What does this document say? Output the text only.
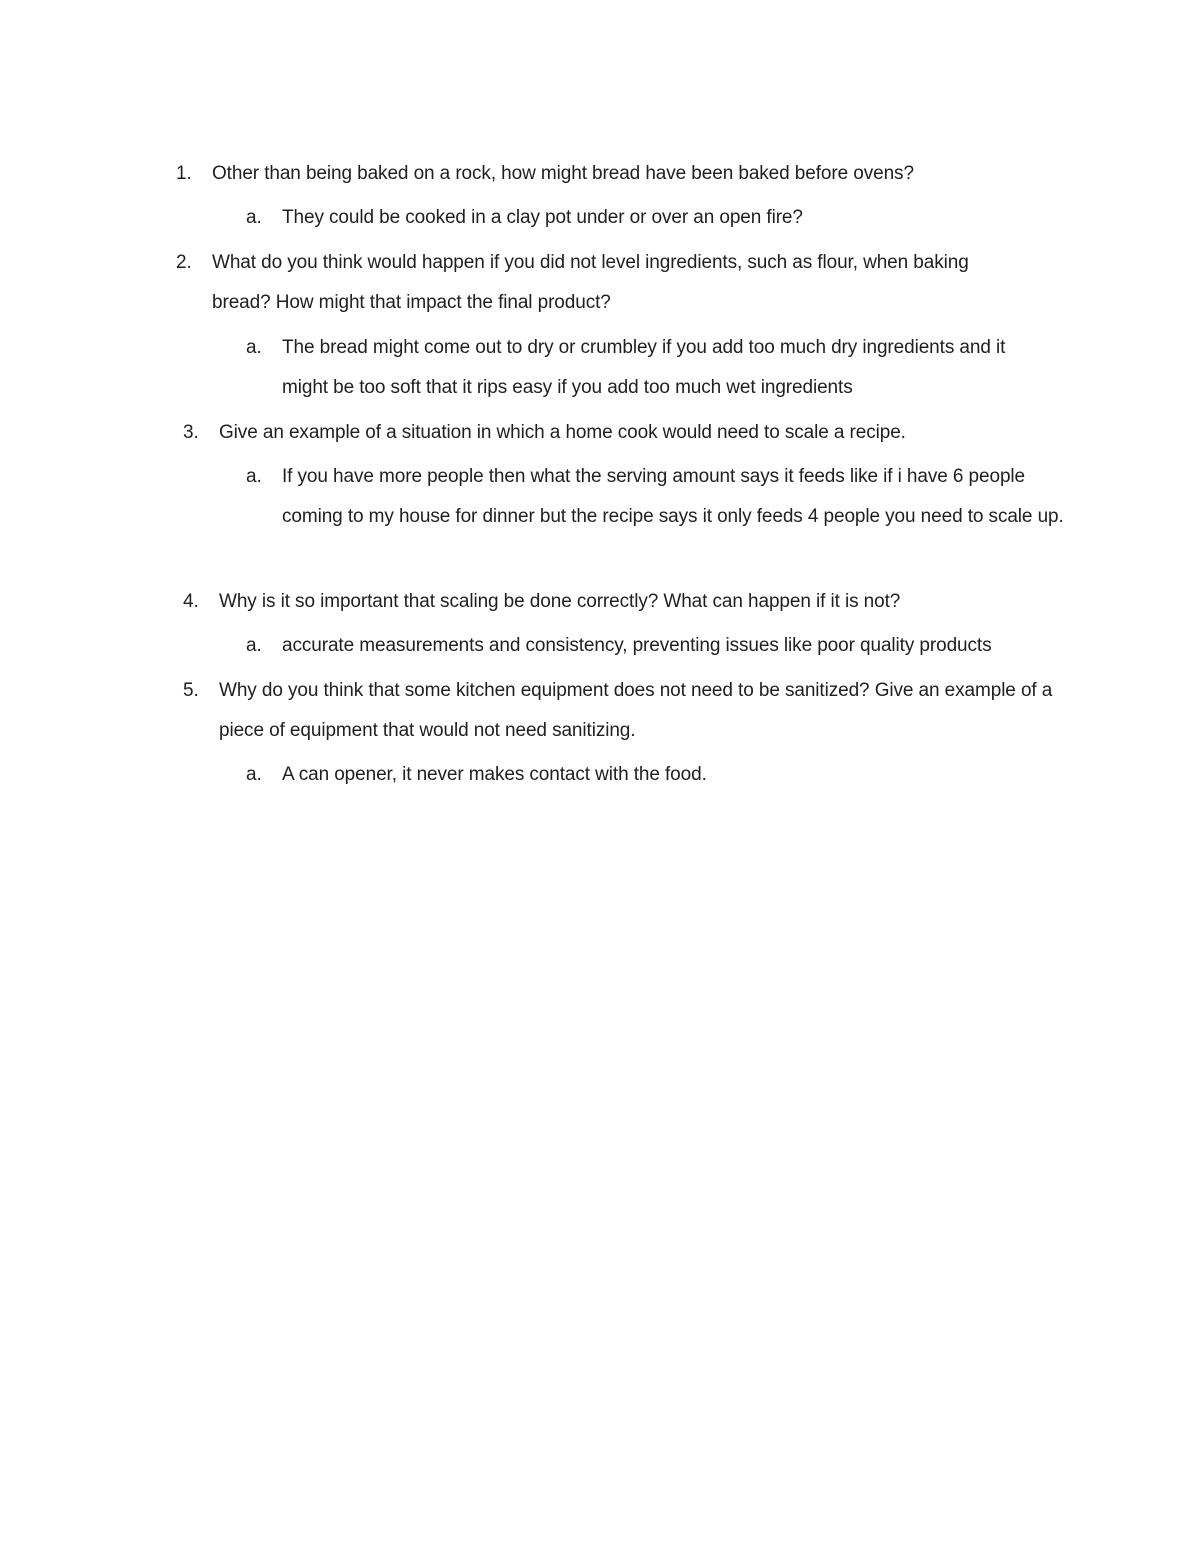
1. Other than being baked on a rock, how might bread have been baked before ovens?
a. They could be cooked in a clay pot under or over an open fire?
2. What do you think would happen if you did not level ingredients, such as flour, when baking bread? How might that impact the final product?
a. The bread might come out to dry or crumbley if you add too much dry ingredients and it might be too soft that it rips easy if you add too much wet ingredients
3. Give an example of a situation in which a home cook would need to scale a recipe.
a. If you have more people then what the serving amount says it feeds like if i have 6 people coming to my house for dinner but the recipe says it only feeds 4 people you need to scale up.
4. Why is it so important that scaling be done correctly? What can happen if it is not?
a. accurate measurements and consistency, preventing issues like poor quality products
5. Why do you think that some kitchen equipment does not need to be sanitized? Give an example of a piece of equipment that would not need sanitizing.
a. A can opener, it never makes contact with the food.
